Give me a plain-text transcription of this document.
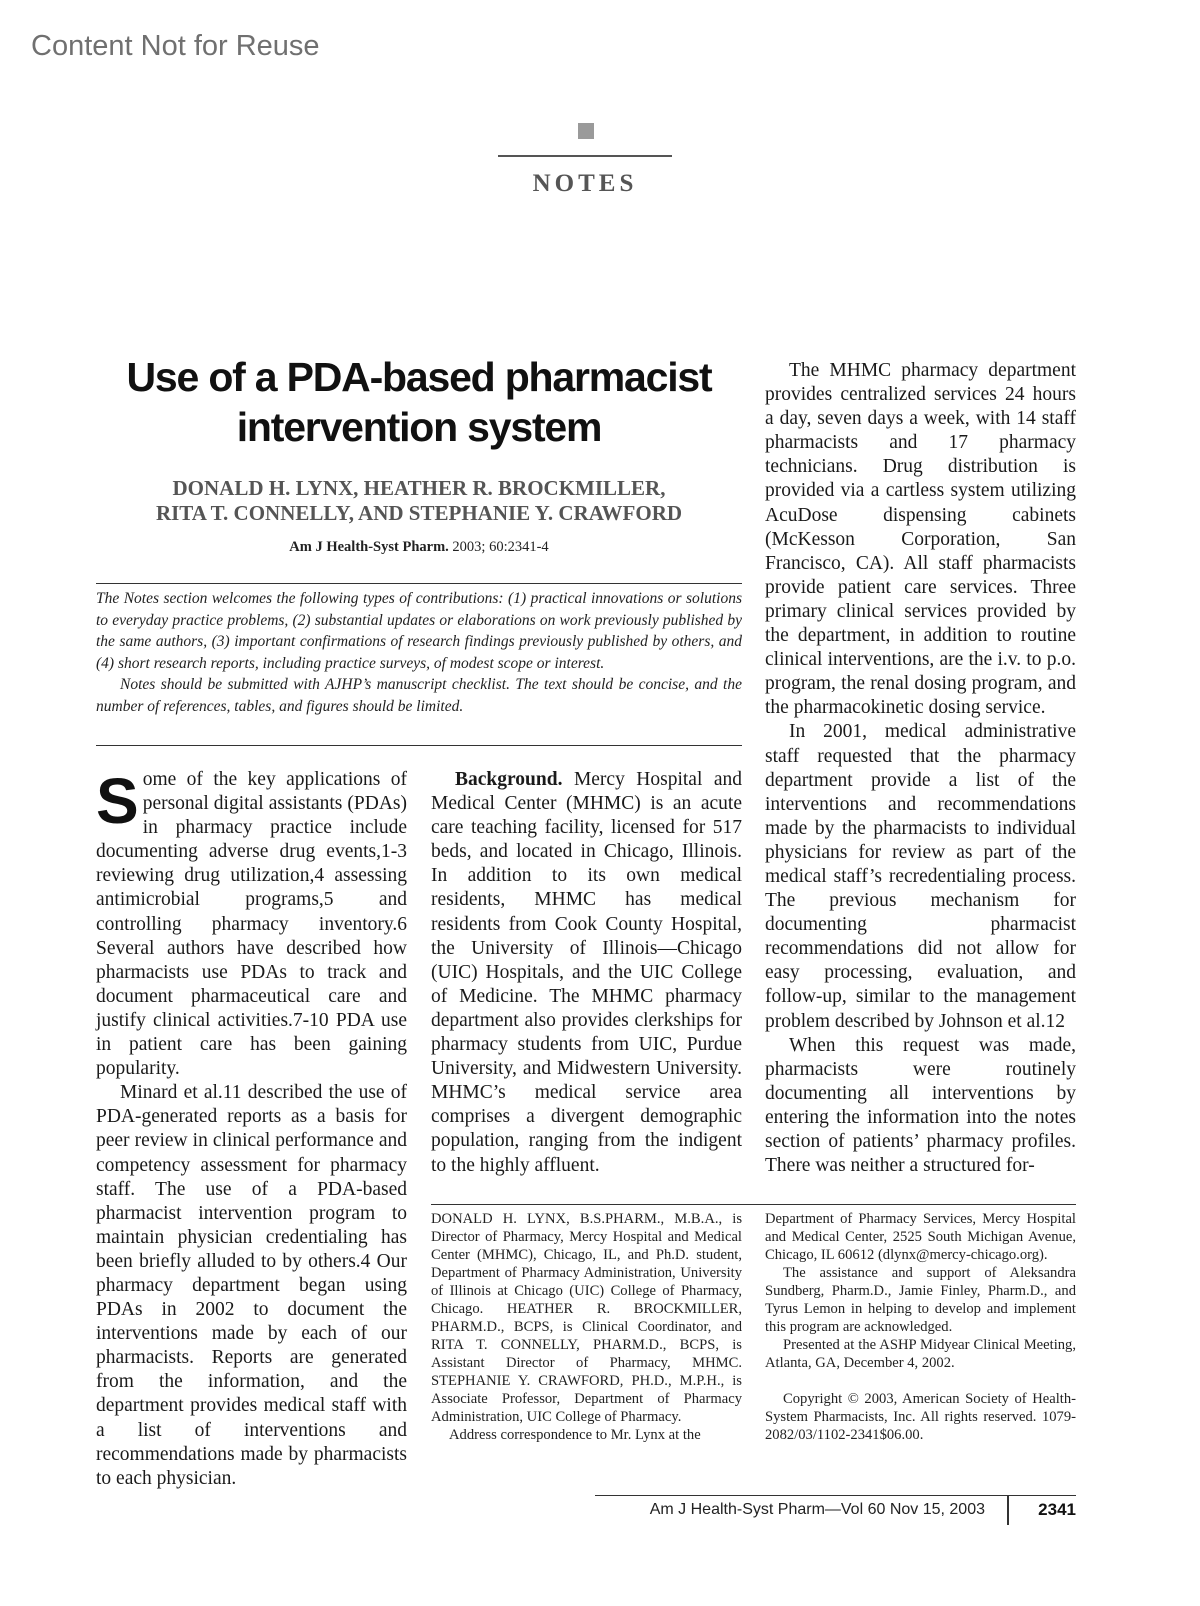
Content Not for Reuse
NOTES
Use of a PDA-based pharmacist
intervention system
DONALD H. LYNX, HEATHER R. BROCKMILLER,
RITA T. CONNELLY, AND STEPHANIE Y. CRAWFORD
Am J Health-Syst Pharm. 2003; 60:2341-4

The Notes section welcomes the following types of contributions: (1) practical innovations or solutions to everyday practice problems, (2) substantial updates or elaborations on work previously published by the same authors, (3) important confirmations of research findings previously published by others, and (4) short research reports, including practice surveys, of modest scope or interest.

Notes should be submitted with AJHP’s manuscript checklist. The text should be concise, and the number of references, tables, and figures should be limited.

Some of the key applications of personal digital assistants (PDAs) in pharmacy practice include documenting adverse drug events,1-3 reviewing drug utilization,4 assessing antimicrobial programs,5 and controlling pharmacy inventory.6 Several authors have described how pharmacists use PDAs to track and document pharmaceutical care and justify clinical activities.7-10 PDA use in patient care has been gaining popularity.

Minard et al.11 described the use of PDA-generated reports as a basis for peer review in clinical performance and competency assessment for pharmacy staff. The use of a PDA-based pharmacist intervention program to maintain physician credentialing has been briefly alluded to by others.4 Our pharmacy department began using PDAs in 2002 to document the interventions made by each of our pharmacists. Reports are generated from the information, and the department provides medical staff with a list of interventions and recommendations made by pharmacists to each physician.

Background. Mercy Hospital and Medical Center (MHMC) is an acute care teaching facility, licensed for 517 beds, and located in Chicago, Illinois. In addition to its own medical residents, MHMC has medical residents from Cook County Hospital, the University of Illinois—Chicago (UIC) Hospitals, and the UIC College of Medicine. The MHMC pharmacy department also provides clerkships for pharmacy students from UIC, Purdue University, and Midwestern University. MHMC’s medical service area comprises a divergent demographic population, ranging from the indigent to the highly affluent.

The MHMC pharmacy department provides centralized services 24 hours a day, seven days a week, with 14 staff pharmacists and 17 pharmacy technicians. Drug distribution is provided via a cartless system utilizing AcuDose dispensing cabinets (McKesson Corporation, San Francisco, CA). All staff pharmacists provide patient care services. Three primary clinical services provided by the department, in addition to routine clinical interventions, are the i.v. to p.o. program, the renal dosing program, and the pharmacokinetic dosing service.

In 2001, medical administrative staff requested that the pharmacy department provide a list of the interventions and recommendations made by the pharmacists to individual physicians for review as part of the medical staff’s recredentialing process. The previous mechanism for documenting pharmacist recommendations did not allow for easy processing, evaluation, and follow-up, similar to the management problem described by Johnson et al.12

When this request was made, pharmacists were routinely documenting all interventions by entering the information into the notes section of patients’ pharmacy profiles. There was neither a structured for-

DONALD H. LYNX, B.S.PHARM., M.B.A., is Director of Pharmacy, Mercy Hospital and Medical Center (MHMC), Chicago, IL, and Ph.D. student, Department of Pharmacy Administration, University of Illinois at Chicago (UIC) College of Pharmacy, Chicago. HEATHER R. BROCKMILLER, PHARM.D., BCPS, is Clinical Coordinator, and RITA T. CONNELLY, PHARM.D., BCPS, is Assistant Director of Pharmacy, MHMC. STEPHANIE Y. CRAWFORD, PH.D., M.P.H., is Associate Professor, Department of Pharmacy Administration, UIC College of Pharmacy.

Address correspondence to Mr. Lynx at the

Department of Pharmacy Services, Mercy Hospital and Medical Center, 2525 South Michigan Avenue, Chicago, IL 60612 (dlynx@mercy-chicago.org).

The assistance and support of Aleksandra Sundberg, Pharm.D., Jamie Finley, Pharm.D., and Tyrus Lemon in helping to develop and implement this program are acknowledged.

Presented at the ASHP Midyear Clinical Meeting, Atlanta, GA, December 4, 2002.

Copyright © 2003, American Society of Health-System Pharmacists, Inc. All rights reserved. 1079-2082/03/1102-2341$06.00.

Am J Health-Syst Pharm—Vol 60 Nov 15, 2003	2341
